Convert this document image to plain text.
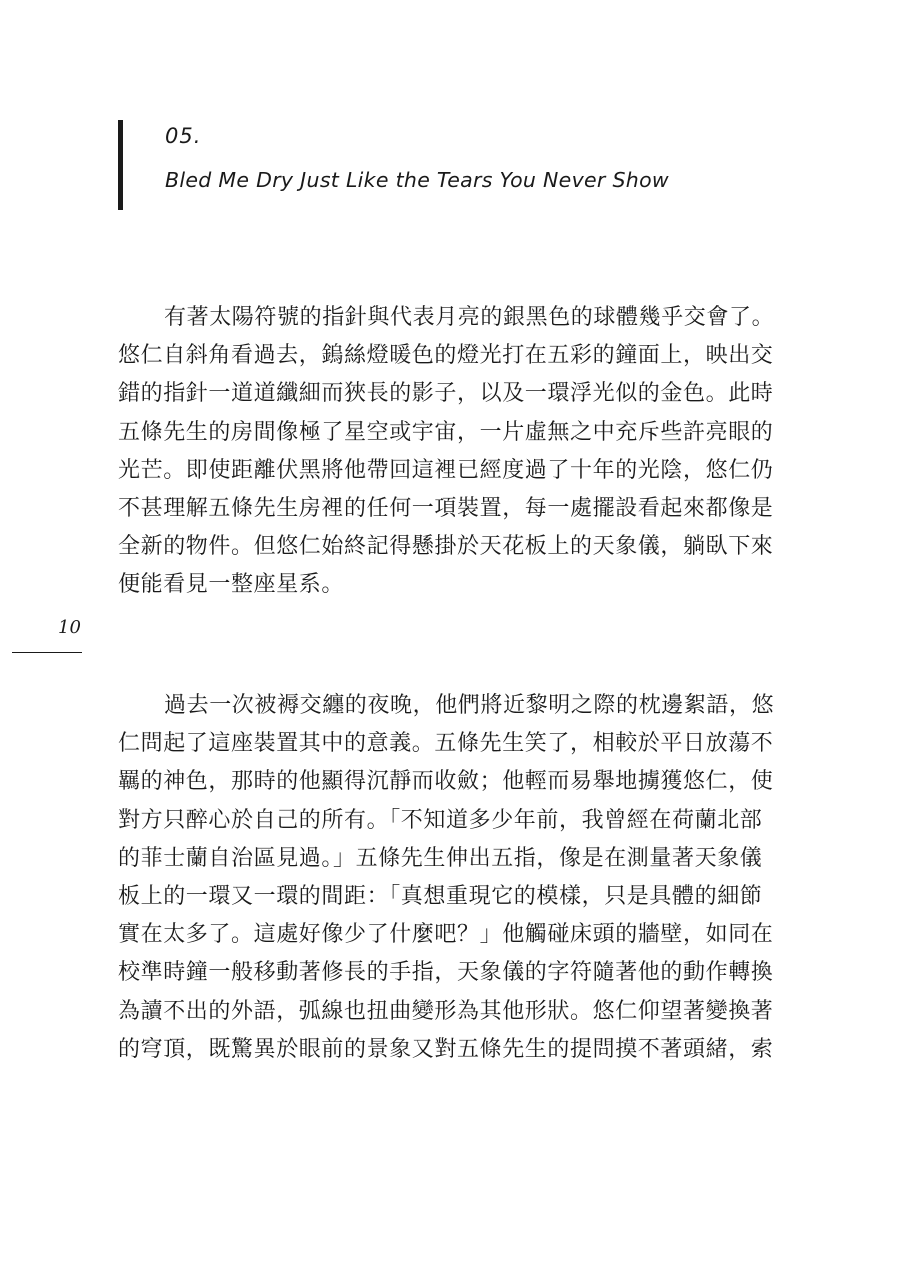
05.
Bled Me Dry Just Like the Tears You Never Show
10
有著太陽符號的指針與代表月亮的銀黑色的球體幾乎交會了。
悠仁自斜角看過去，鎢絲燈暖色的燈光打在五彩的鐘面上，映出交
錯的指針一道道纖細而狹長的影子，以及一環浮光似的金色。此時
五條先生的房間像極了星空或宇宙，一片虛無之中充斥些許亮眼的
光芒。即使距離伏黑將他帶回這裡已經度過了十年的光陰，悠仁仍
不甚理解五條先生房裡的任何一項裝置，每一處擺設看起來都像是
全新的物件。但悠仁始終記得懸掛於天花板上的天象儀，躺臥下來
便能看見一整座星系。
過去一次被褥交纏的夜晚，他們將近黎明之際的枕邊絮語，悠
仁問起了這座裝置其中的意義。五條先生笑了，相較於平日放蕩不
羈的神色，那時的他顯得沉靜而收斂；他輕而易舉地擄獲悠仁，使
對方只醉心於自己的所有。「不知道多少年前，我曾經在荷蘭北部
的菲士蘭自治區見過。」五條先生伸出五指，像是在測量著天象儀
板上的一環又一環的間距：「真想重現它的模樣，只是具體的細節
實在太多了。這處好像少了什麼吧？」他觸碰床頭的牆壁，如同在
校準時鐘一般移動著修長的手指，天象儀的字符隨著他的動作轉換
為讀不出的外語，弧線也扭曲變形為其他形狀。悠仁仰望著變換著
的穹頂，既驚異於眼前的景象又對五條先生的提問摸不著頭緒，索
